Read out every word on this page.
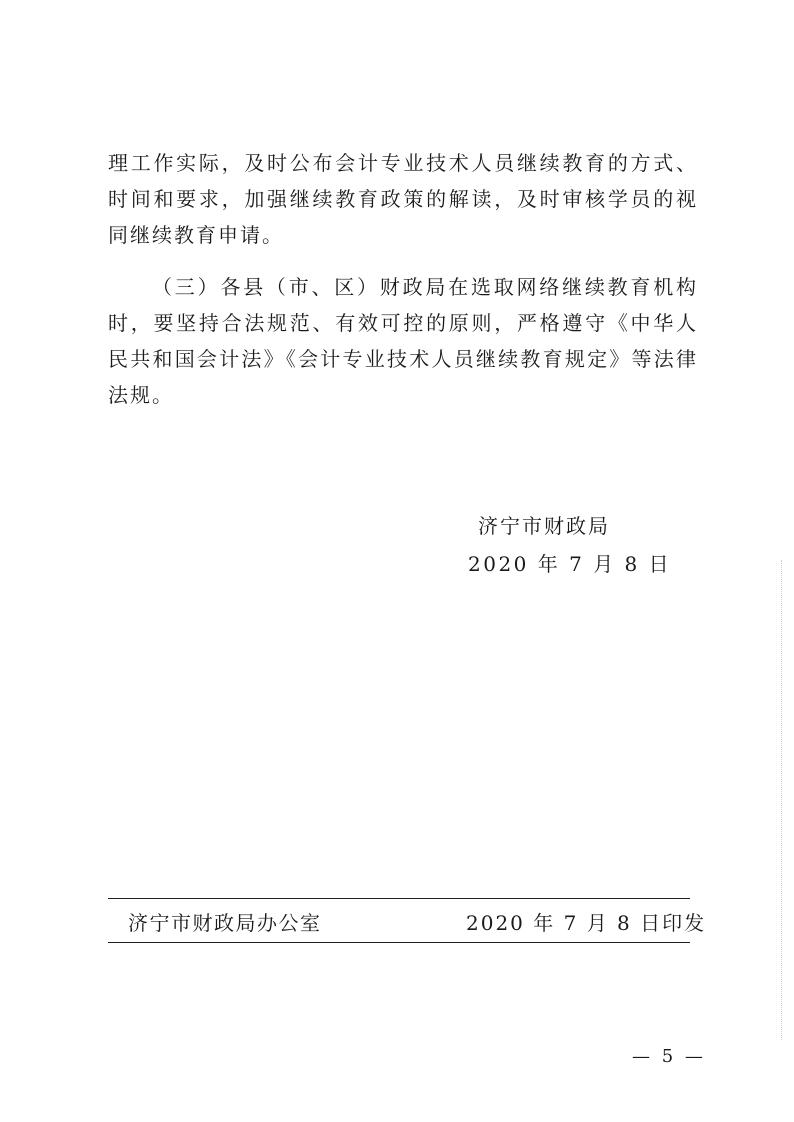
理工作实际，及时公布会计专业技术人员继续教育的方式、时间和要求，加强继续教育政策的解读，及时审核学员的视同继续教育申请。

（三）各县（市、区）财政局在选取网络继续教育机构时，要坚持合法规范、有效可控的原则，严格遵守《中华人民共和国会计法》《会计专业技术人员继续教育规定》等法律法规。

济宁市财政局
2020 年 7 月 8 日
济宁市财政局办公室	2020 年 7 月 8 日印发
— 5 —
